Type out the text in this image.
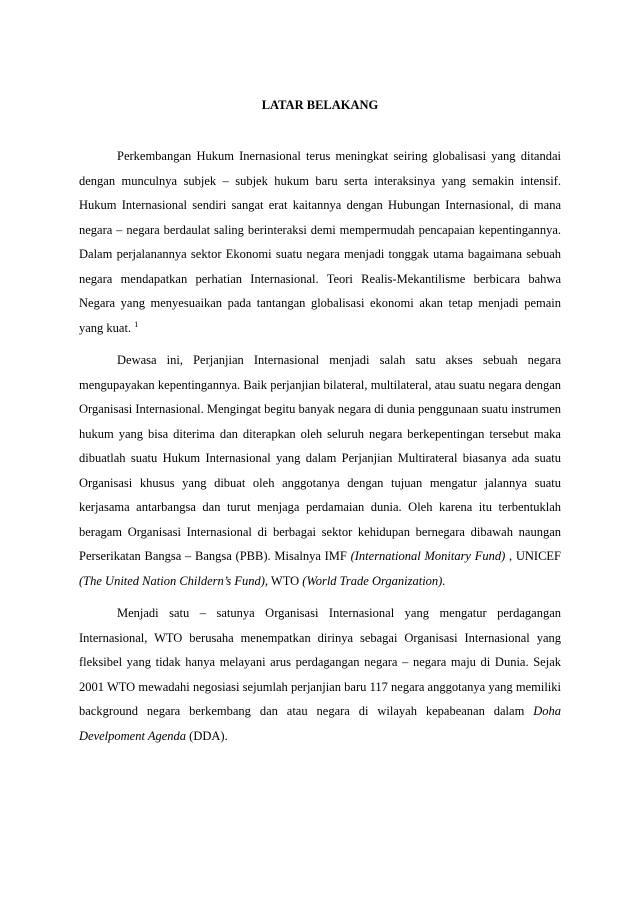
LATAR BELAKANG

Perkembangan Hukum Inernasional terus meningkat seiring globalisasi yang ditandai dengan munculnya subjek – subjek hukum baru serta interaksinya yang semakin intensif. Hukum Internasional sendiri sangat erat kaitannya dengan Hubungan Internasional, di mana negara – negara berdaulat saling berinteraksi demi mempermudah pencapaian kepentingannya. Dalam perjalanannya sektor Ekonomi suatu negara menjadi tonggak utama bagaimana sebuah negara mendapatkan perhatian Internasional. Teori Realis-Mekantilisme berbicara bahwa Negara yang menyesuaikan pada tantangan globalisasi ekonomi akan tetap menjadi pemain yang kuat. $^1$

Dewasa ini, Perjanjian Internasional menjadi salah satu akses sebuah negara mengupayakan kepentingannya. Baik perjanjian bilateral, multilateral, atau suatu negara dengan Organisasi Internasional. Mengingat begitu banyak negara di dunia penggunaan suatu instrumen hukum yang bisa diterima dan diterapkan oleh seluruh negara berkepentingan tersebut maka dibuatlah suatu Hukum Internasional yang dalam Perjanjian Multirateral biasanya ada suatu Organisasi khusus yang dibuat oleh anggotanya dengan tujuan mengatur jalannya suatu kerjasama antarbangsa dan turut menjaga perdamaian dunia. Oleh karena itu terbentuklah beragam Organisasi Internasional di berbagai sektor kehidupan bernegara dibawah naungan Perserikatan Bangsa – Bangsa (PBB). Misalnya IMF (International Monitary Fund) , UNICEF (The United Nation Childern’s Fund), WTO (World Trade Organization).

Menjadi satu – satunya Organisasi Internasional yang mengatur perdagangan Internasional, WTO berusaha menempatkan dirinya sebagai Organisasi Internasional yang fleksibel yang tidak hanya melayani arus perdagangan negara – negara maju di Dunia. Sejak 2001 WTO mewadahi negosiasi sejumlah perjanjian baru 117 negara anggotanya yang memiliki background negara berkembang dan atau negara di wilayah kepabeanan dalam Doha Develpoment Agenda (DDA).
